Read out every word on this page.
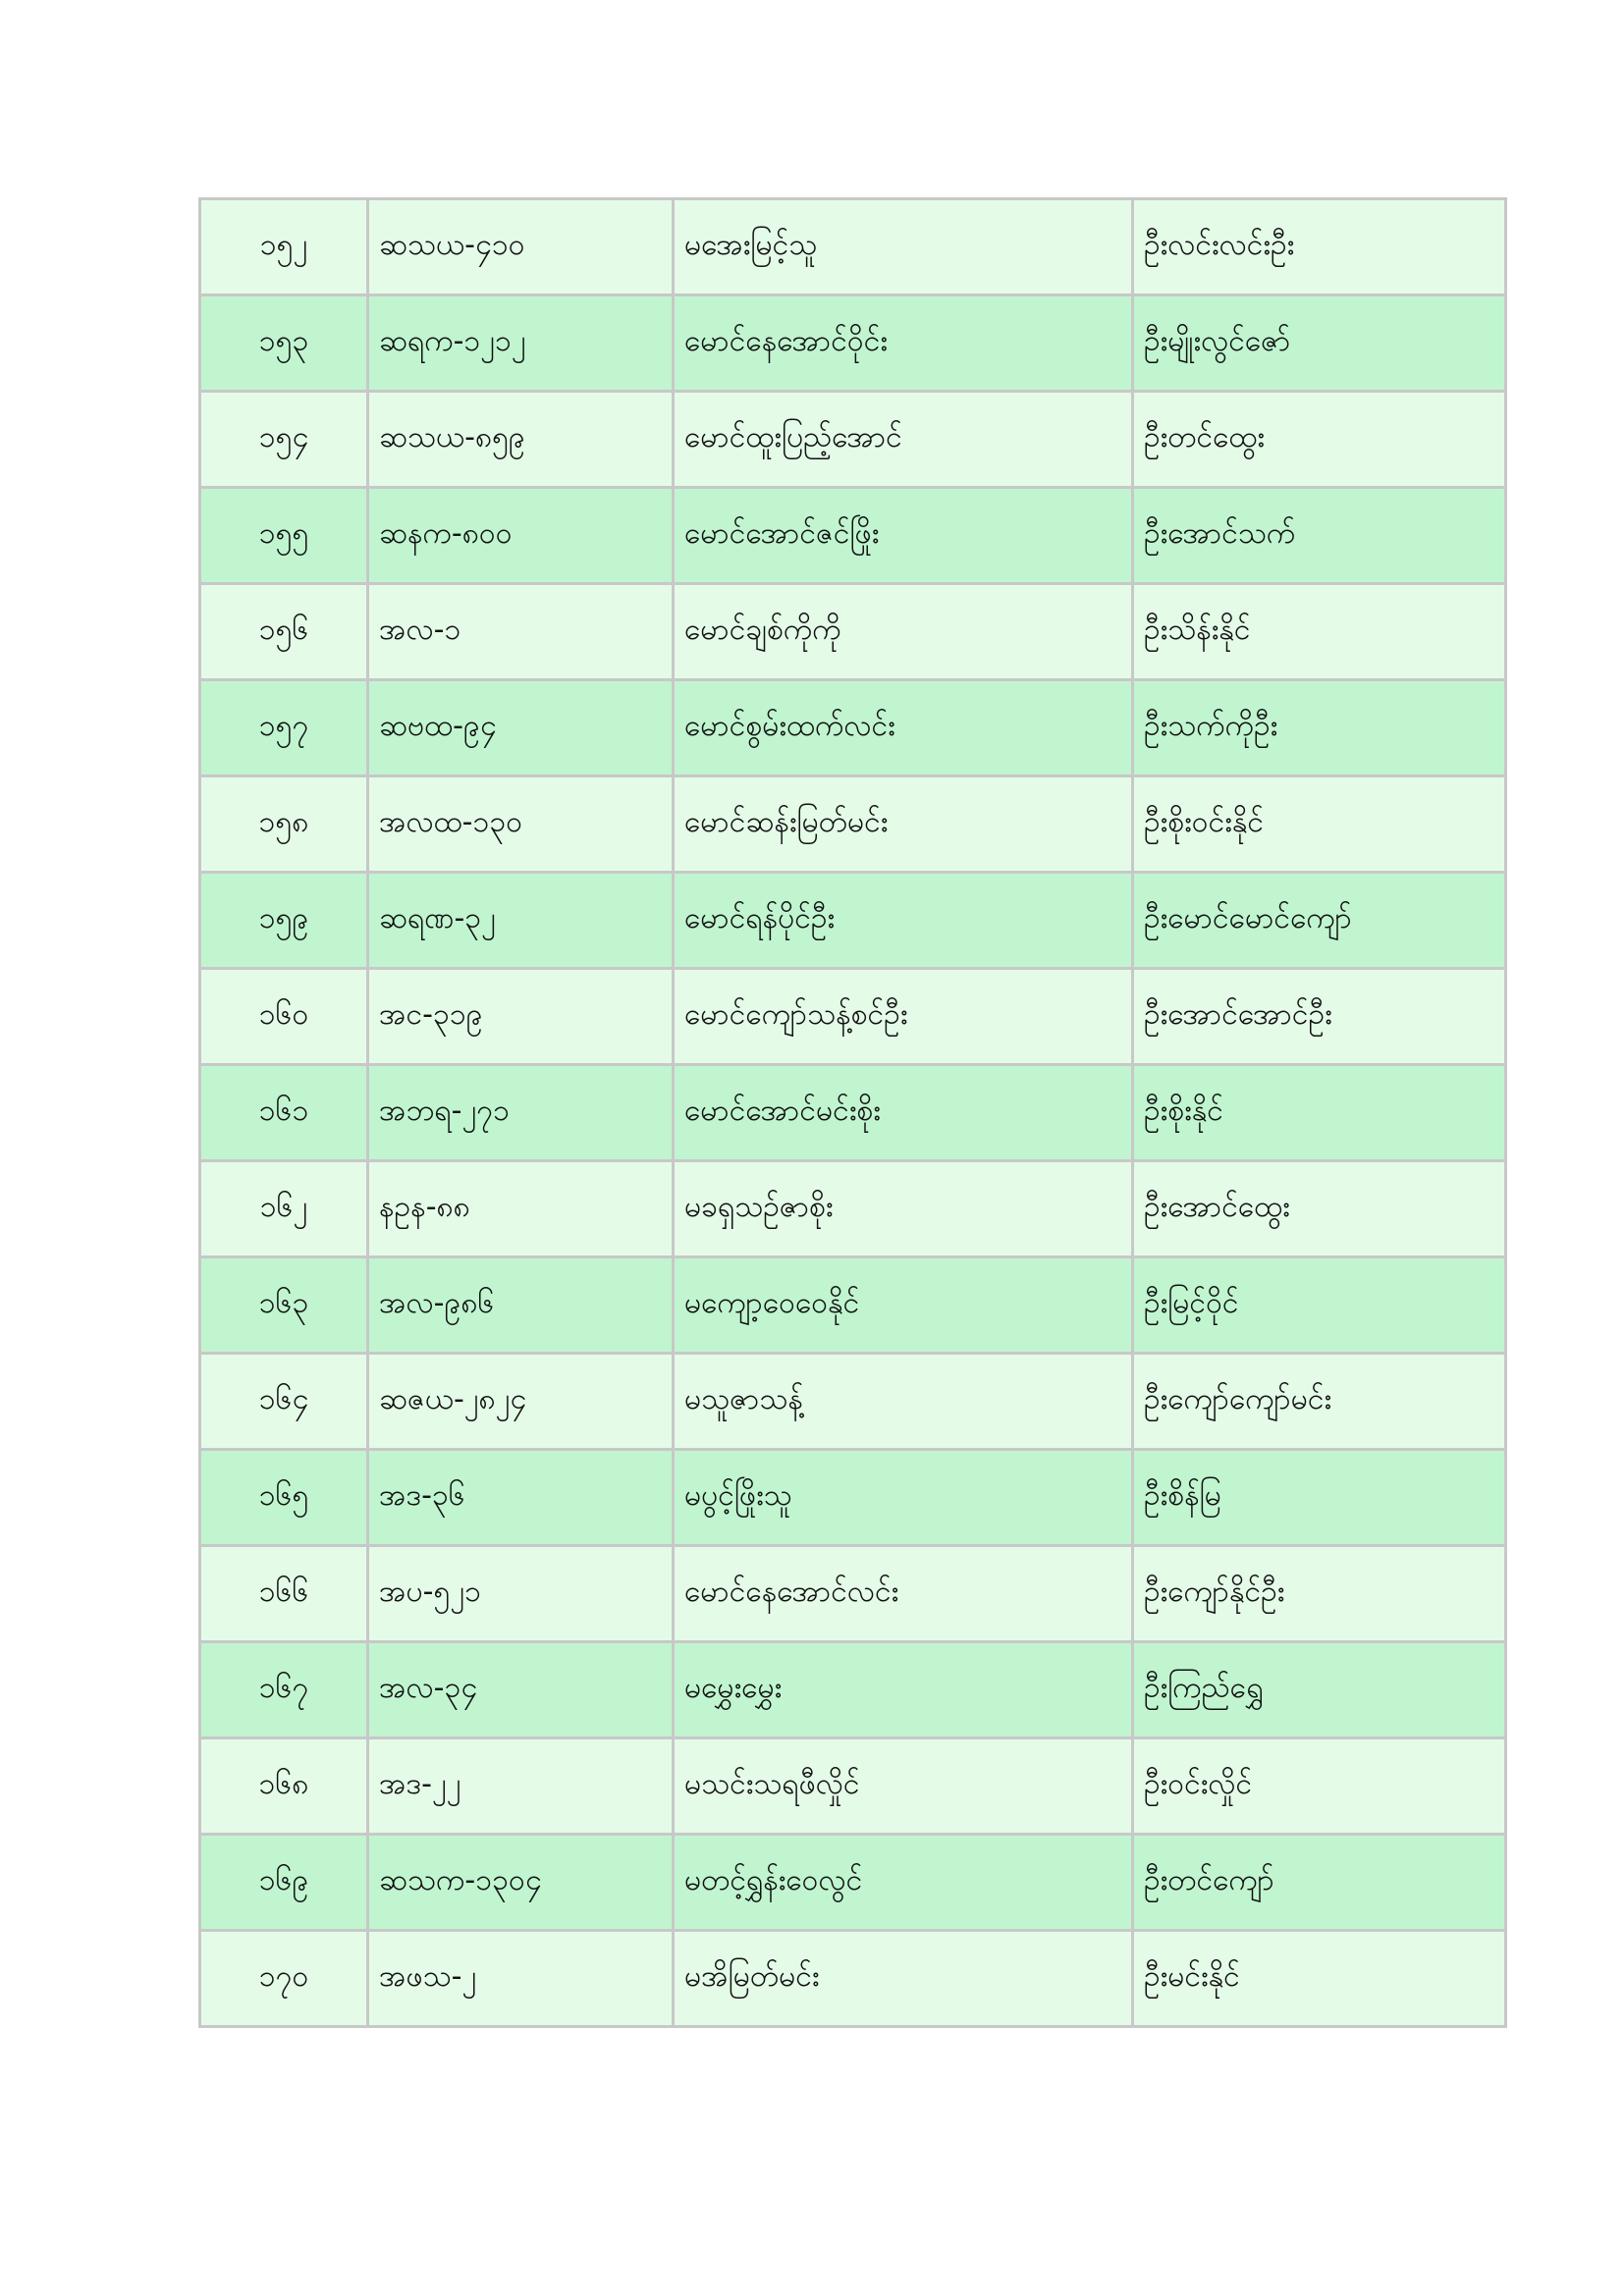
၁၅၂	ဆသယ-၄၁၀	မအေးမြင့်သူ	ဦးလင်းလင်းဦး
၁၅၃	ဆရက-၁၂၁၂	မောင်နေအောင်ဝိုင်း	ဦးမျိုးလွင်ဇော်
၁၅၄	ဆသယ-၈၅၉	မောင်ထူးပြည့်အောင်	ဦးတင်ထွေး
၁၅၅	ဆနက-၈၀၀	မောင်အောင်ဇင်ဖြိုး	ဦးအောင်သက်
၁၅၆	အလ-၁	မောင်ချစ်ကိုကို	ဦးသိန်းနိုင်
၁၅၇	ဆဗထ-၉၄	မောင်စွမ်းထက်လင်း	ဦးသက်ကိုဦး
၁၅၈	အလထ-၁၃၀	မောင်ဆန်းမြတ်မင်း	ဦးစိုးဝင်းနိုင်
၁၅၉	ဆရဏ-၃၂	မောင်ရန်ပိုင်ဦး	ဦးမောင်မောင်ကျော်
၁၆၀	အင-၃၁၉	မောင်ကျော်သန့်စင်ဦး	ဦးအောင်အောင်ဦး
၁၆၁	အဘရ-၂၇၁	မောင်အောင်မင်းစိုး	ဦးစိုးနိုင်
၁၆၂	နဥန-၈၈	မခရှသဉ်ဇာစိုး	ဦးအောင်ထွေး
၁၆၃	အလ-၉၈၆	မကျော့ဝေဝေနိုင်	ဦးမြင့်ဝိုင်
၁၆၄	ဆဇယ-၂၈၂၄	မသူဇာသန့်	ဦးကျော်ကျော်မင်း
၁၆၅	အဒ-၃၆	မပွင့်ဖြိုးသူ	ဦးစိန်မြ
၁၆၆	အပ-၅၂၁	မောင်နေအောင်လင်း	ဦးကျော်နိုင်ဦး
၁၆၇	အလ-၃၄	မမွှေးမွှေး	ဦးကြည်ရွှေ
၁၆၈	အဒ-၂၂	မသင်းသရဖီလှိုင်	ဦးဝင်းလှိုင်
၁၆၉	ဆသက-၁၃၀၄	မတင့်ရွှန်းဝေလွင်	ဦးတင်ကျော်
၁၇၀	အဖသ-၂	မအိမြတ်မင်း	ဦးမင်းနိုင်
